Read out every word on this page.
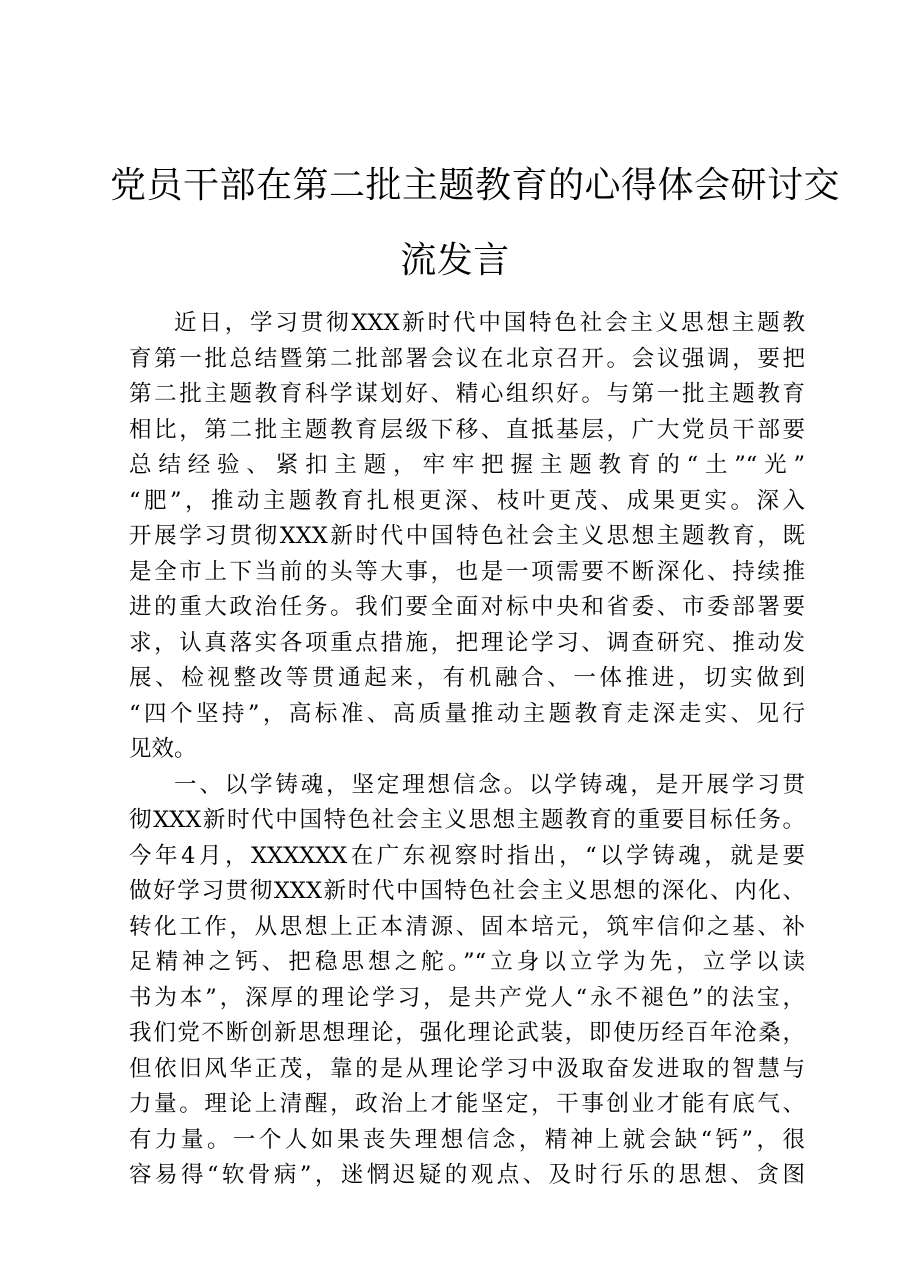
党员干部在第二批主题教育的心得体会研讨交
流发言
近日，学习贯彻XXX新时代中国特色社会主义思想主题教
育第一批总结暨第二批部署会议在北京召开。会议强调，要把
第二批主题教育科学谋划好、精心组织好。与第一批主题教育
相比，第二批主题教育层级下移、直抵基层，广大党员干部要
总结经验、紧扣主题，牢牢把握主题教育的“土”“光”
“肥”，推动主题教育扎根更深、枝叶更茂、成果更实。深入
开展学习贯彻XXX新时代中国特色社会主义思想主题教育，既
是全市上下当前的头等大事，也是一项需要不断深化、持续推
进的重大政治任务。我们要全面对标中央和省委、市委部署要
求，认真落实各项重点措施，把理论学习、调查研究、推动发
展、检视整改等贯通起来，有机融合、一体推进，切实做到
“四个坚持”，高标准、高质量推动主题教育走深走实、见行
见效。
一、以学铸魂，坚定理想信念。以学铸魂，是开展学习贯
彻XXX新时代中国特色社会主义思想主题教育的重要目标任务。
今年4月，XXXXXX在广东视察时指出，“以学铸魂，就是要
做好学习贯彻XXX新时代中国特色社会主义思想的深化、内化、
转化工作，从思想上正本清源、固本培元，筑牢信仰之基、补
足精神之钙、把稳思想之舵。”“立身以立学为先，立学以读
书为本”，深厚的理论学习，是共产党人“永不褪色”的法宝，
我们党不断创新思想理论，强化理论武装，即使历经百年沧桑，
但依旧风华正茂，靠的是从理论学习中汲取奋发进取的智慧与
力量。理论上清醒，政治上才能坚定，干事创业才能有底气、
有力量。一个人如果丧失理想信念，精神上就会缺“钙”，很
容易得“软骨病”，迷惘迟疑的观点、及时行乐的思想、贪图
